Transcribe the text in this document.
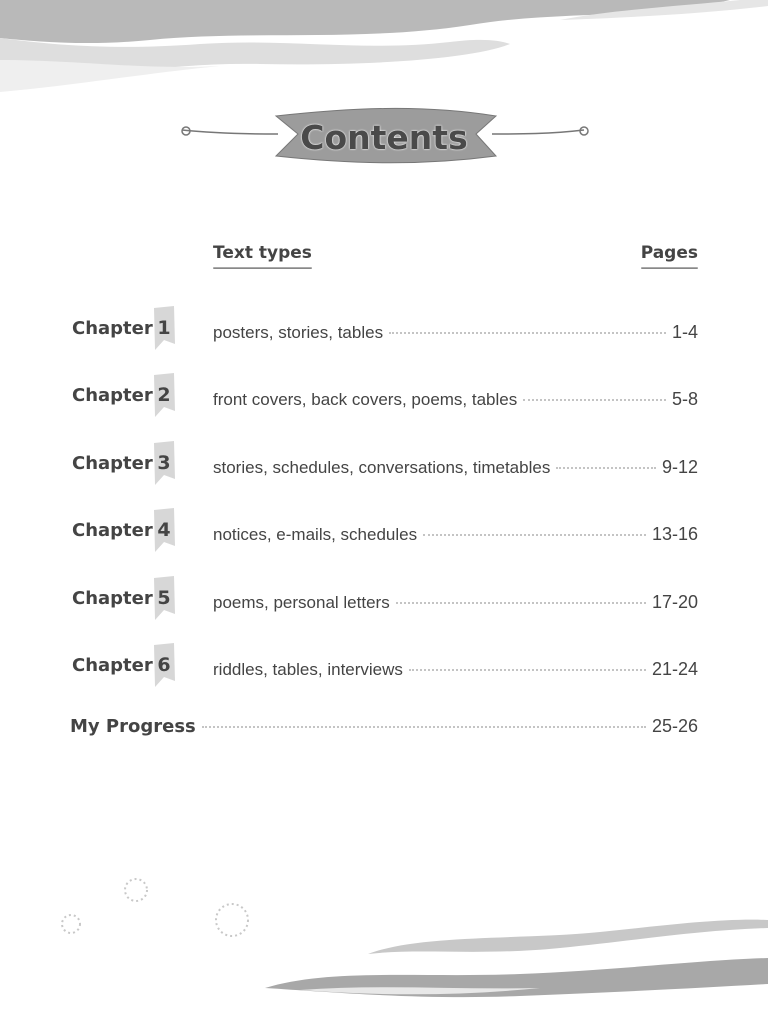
Contents
Text types	Pages
Chapter 1	posters, stories, tables	1-4
Chapter 2	front covers, back covers, poems, tables	5-8
Chapter 3	stories, schedules, conversations, timetables	9-12
Chapter 4	notices, e-mails, schedules	13-16
Chapter 5	poems, personal letters	17-20
Chapter 6	riddles, tables, interviews	21-24
My Progress	25-26
